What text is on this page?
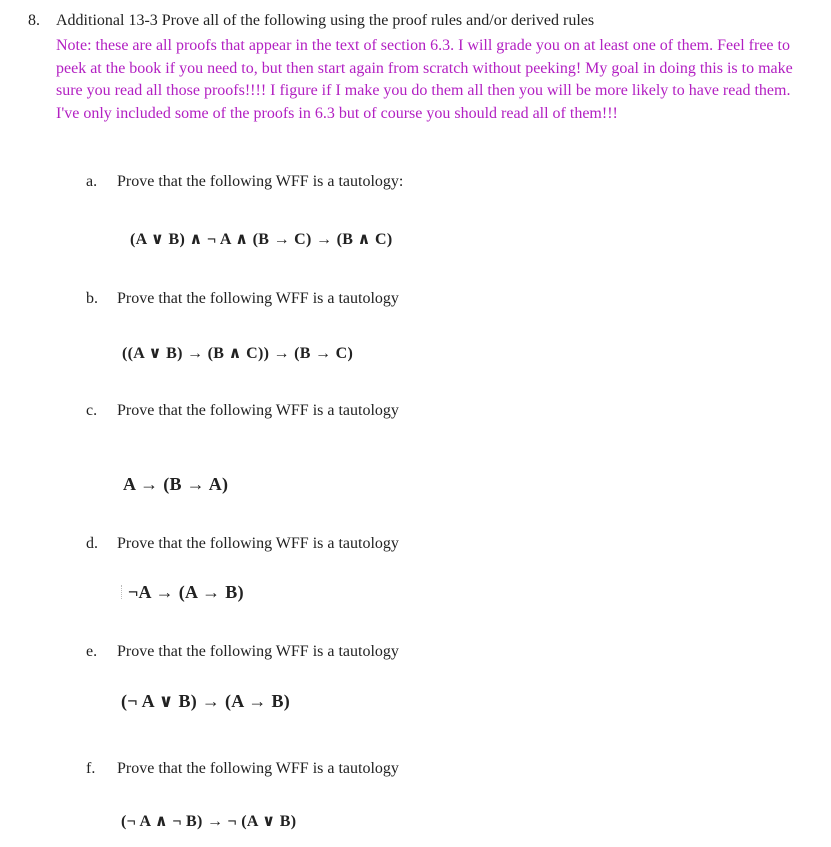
8. Additional 13-3 Prove all of the following using the proof rules and/or derived rules
Note: these are all proofs that appear in the text of section 6.3. I will grade you on at least one of them. Feel free to peek at the book if you need to, but then start again from scratch without peeking! My goal in doing this is to make sure you read all those proofs!!!! I figure if I make you do them all then you will be more likely to have read them. I've only included some of the proofs in 6.3 but of course you should read all of them!!!
a. Prove that the following WFF is a tautology:
(A ∨ B) ∧ ¬ A ∧ (B → C) → (B ∧ C)
b. Prove that the following WFF is a tautology
((A ∨ B) → (B ∧ C)) → (B → C)
c. Prove that the following WFF is a tautology
A → (B → A)
d. Prove that the following WFF is a tautology
¬A → (A → B)
e. Prove that the following WFF is a tautology
(¬ A ∨ B) → (A → B)
f. Prove that the following WFF is a tautology
(¬ A ∧ ¬ B) → ¬ (A ∨ B)
